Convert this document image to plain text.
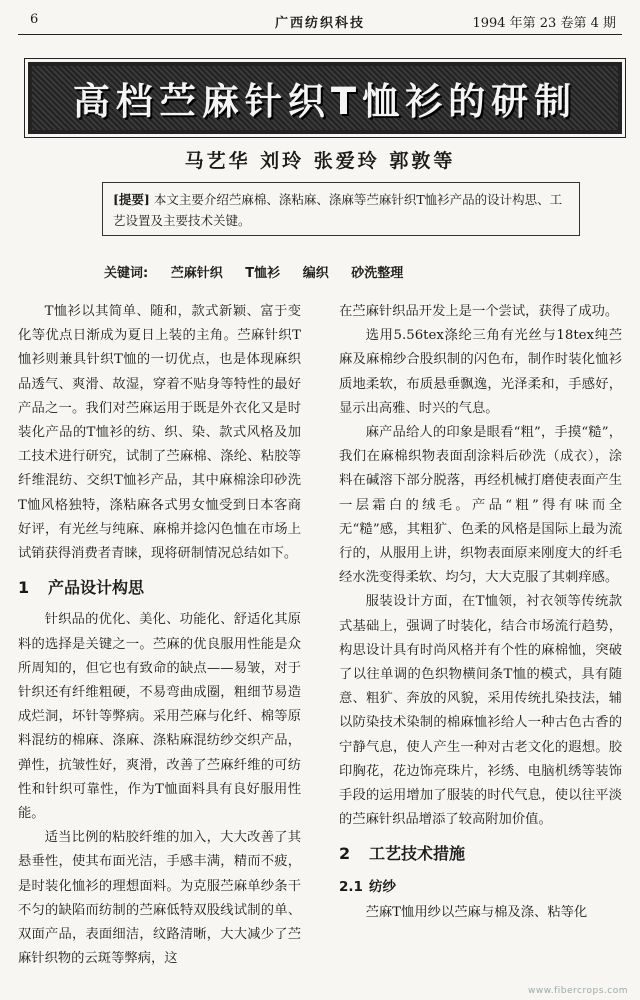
6	广西纺织科技	1994 年第 23 卷第 4 期
高档苎麻针织T恤衫的研制
马艺华 刘玲 张爱玲 郭敦等
[提要] 本文主要介绍苎麻棉、涤粘麻、涤麻等苎麻针织T恤衫产品的设计构思、工艺设置及主要技术关键。
关键词: 苎麻针织 T恤衫 编织 砂洗整理

T恤衫以其简单、随和，款式新颖、富于变化等优点日渐成为夏日上装的主角。苎麻针织T恤衫则兼具针织T恤的一切优点，也是体现麻织品透气、爽滑、故湿，穿着不贴身等特性的最好产品之一。我们对苎麻运用于既是外衣化又是时装化产品的T恤衫的纺、织、染、款式风格及加工技术进行研究，试制了苎麻棉、涤纶、粘胶等纤维混纺、交织T恤衫产品，其中麻棉涂印砂洗T恤风格独特，涤粘麻各式男女恤受到日本客商好评，有光丝与纯麻、麻棉并捻闪色恤在市场上试销获得消费者青睐，现将研制情况总结如下。

1 产品设计构思

针织品的优化、美化、功能化、舒适化其原料的选择是关键之一。苎麻的优良服用性能是众所周知的，但它也有致命的缺点——易皱，对于针织还有纤维粗硬，不易弯曲成圈，粗细节易造成烂洞，坏针等弊病。采用苎麻与化纤、棉等原料混纺的棉麻、涤麻、涤粘麻混纺纱交织产品，弹性，抗皱性好，爽滑，改善了苎麻纤维的可纺性和针织可靠性，作为T恤面料具有良好服用性能。

适当比例的粘胶纤维的加入，大大改善了其悬垂性，使其布面光洁，手感丰满，精而不疲，是时装化恤衫的理想面料。为克服苎麻单纱条干不匀的缺陷而纺制的苎麻低特双股线试制的单、双面产品，表面细洁，纹路清晰，大大减少了苎麻针织物的云斑等弊病，这

在苎麻针织品开发上是一个尝试，获得了成功。

选用5.56tex涤纶三角有光丝与18tex纯苎麻及麻棉纱合股织制的闪色布，制作时装化恤衫质地柔软，布质悬垂飘逸，光泽柔和，手感好，显示出高雅、时兴的气息。

麻产品给人的印象是眼看“粗”，手摸“糙”，我们在麻棉织物表面刮涂料后砂洗（成衣），涂料在碱溶下部分脱落，再经机械打磨使表面产生一层霜白的绒毛。产品“粗”得有味而全无“糙”感，其粗犷、色柔的风格是国际上最为流行的，从服用上讲，织物表面原来刚度大的纤毛经水洗变得柔软、均匀，大大克服了其刺痒感。

服装设计方面，在T恤领，衬衣领等传统款式基础上，强调了时装化，结合市场流行趋势，构思设计具有时尚风格并有个性的麻棉恤，突破了以往单调的色织物横间条T恤的模式，具有随意、粗犷、奔放的风貌，采用传统扎染技法，辅以防染技术染制的棉麻恤衫给人一种古色古香的宁静气息，使人产生一种对古老文化的遐想。胶印胸花，花边饰亮珠片，衫绣、电脑机绣等装饰手段的运用增加了服装的时代气息，使以往平淡的苎麻针织品增添了较高附加价值。

2 工艺技术措施
2.1 纺纱

苎麻T恤用纱以苎麻与棉及涤、粘等化

www.fibercrops.com
